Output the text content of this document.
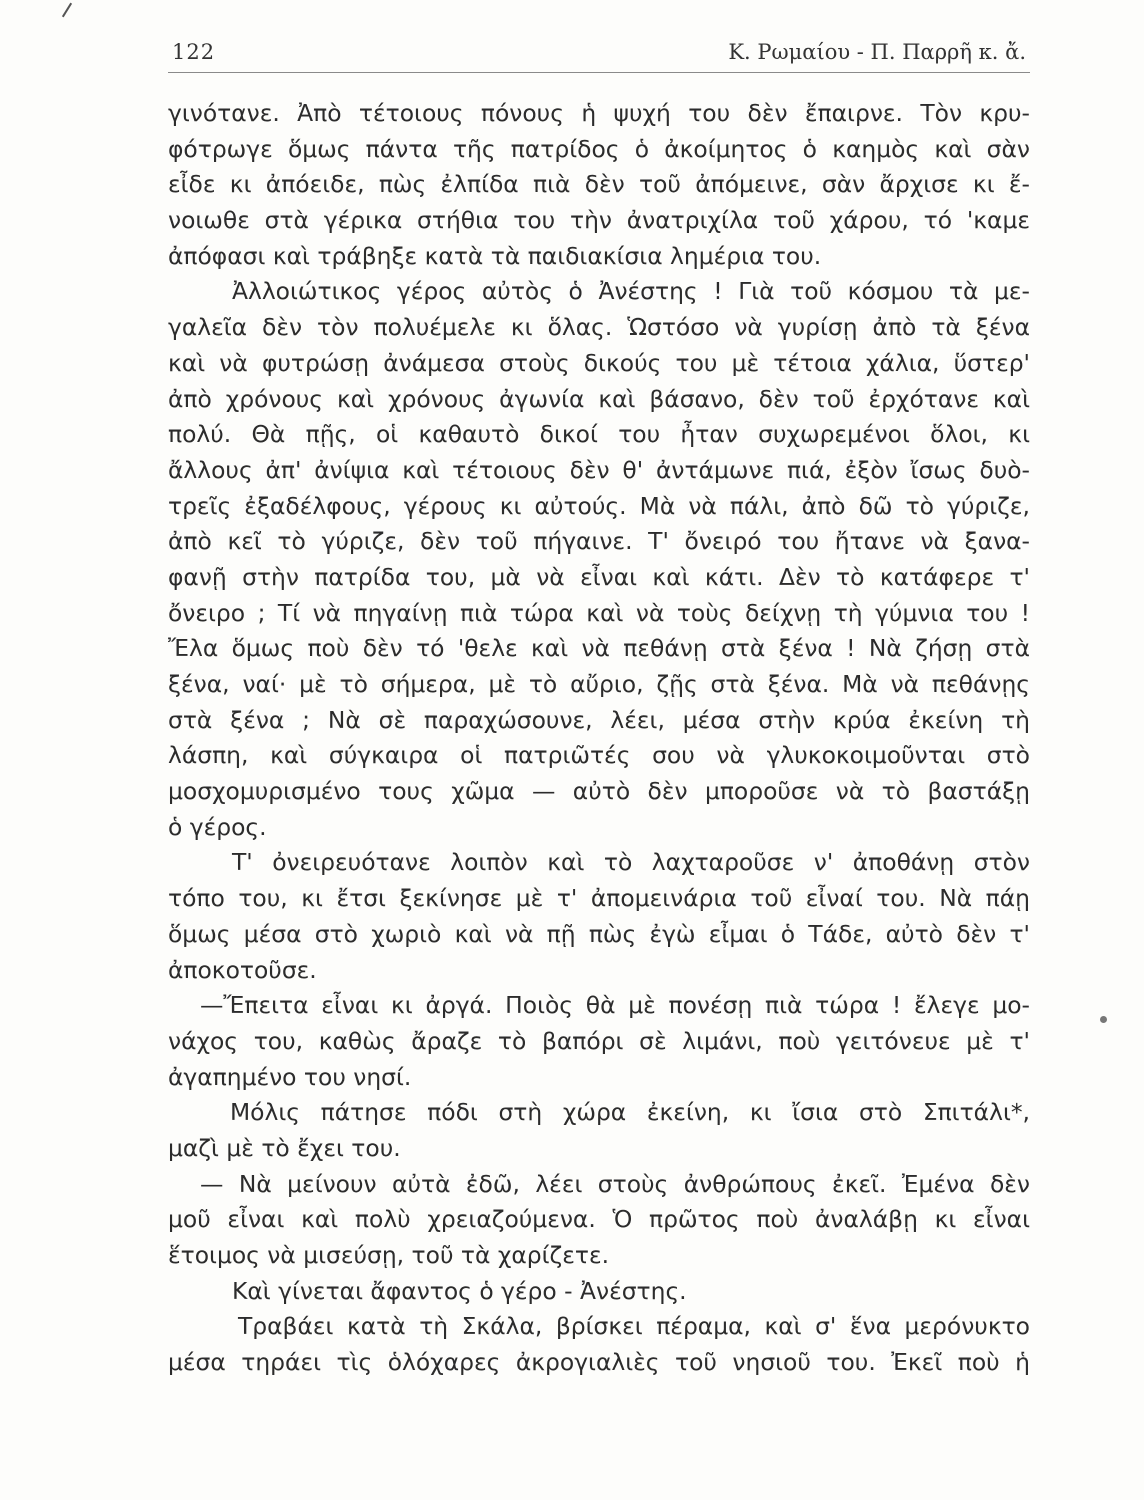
122	Κ. Ρωμαίου - Π. Παρρῆ κ. ἄ.
γινότανε. Ἀπὸ τέτοιους πόνους ἡ ψυχή του δὲν ἔπαιρνε. Τὸν κρυ-
φότρωγε ὅμως πάντα τῆς πατρίδος ὁ ἀκοίμητος ὁ καημὸς καὶ σὰν
εἶδε κι ἀπόειδε, πὼς ἐλπίδα πιὰ δὲν τοῦ ἀπόμεινε, σὰν ἄρχισε κι ἔ-
νοιωθε στὰ γέρικα στήθια του τὴν ἀνατριχίλα τοῦ χάρου, τό 'καμε
ἀπόφασι καὶ τράβηξε κατὰ τὰ παιδιακίσια λημέρια του.
Ἀλλοιώτικος γέρος αὐτὸς ὁ Ἀνέστης ! Γιὰ τοῦ κόσμου τὰ με-
γαλεῖα δὲν τὸν πολυέμελε κι ὅλας. Ὡστόσο νὰ γυρίσῃ ἀπὸ τὰ ξένα
καὶ νὰ φυτρώσῃ ἀνάμεσα στοὺς δικούς του μὲ τέτοια χάλια, ὕστερ'
ἀπὸ χρόνους καὶ χρόνους ἀγωνία καὶ βάσανο, δὲν τοῦ ἐρχότανε καὶ
πολύ. Θὰ πῇς, οἱ καθαυτὸ δικοί του ἦταν συχωρεμένοι ὅλοι, κι
ἄλλους ἀπ' ἀνίψια καὶ τέτοιους δὲν θ' ἀντάμωνε πιά, ἐξὸν ἴσως δυὸ-
τρεῖς ἐξαδέλφους, γέρους κι αὐτούς. Μὰ νὰ πάλι, ἀπὸ δῶ τὸ γύριζε,
ἀπὸ κεῖ τὸ γύριζε, δὲν τοῦ πήγαινε. Τ' ὄνειρό του ἤτανε νὰ ξανα-
φανῇ στὴν πατρίδα του, μὰ νὰ εἶναι καὶ κάτι. Δὲν τὸ κατάφερε τ'
ὄνειρο ; Τί νὰ πηγαίνῃ πιὰ τώρα καὶ νὰ τοὺς δείχνῃ τὴ γύμνια του !
Ἔλα ὅμως ποὺ δὲν τό 'θελε καὶ νὰ πεθάνῃ στὰ ξένα ! Νὰ ζήσῃ στὰ
ξένα, ναί· μὲ τὸ σήμερα, μὲ τὸ αὔριο, ζῇς στὰ ξένα. Μὰ νὰ πεθάνῃς
στὰ ξένα ; Νὰ σὲ παραχώσουνε, λέει, μέσα στὴν κρύα ἐκείνη τὴ
λάσπη, καὶ σύγκαιρα οἱ πατριῶτές σου νὰ γλυκοκοιμοῦνται στὸ
μοσχομυρισμένο τους χῶμα — αὐτὸ δὲν μποροῦσε νὰ τὸ βαστάξῃ
ὁ γέρος.
Τ' ὀνειρευότανε λοιπὸν καὶ τὸ λαχταροῦσε ν' ἀποθάνῃ στὸν
τόπο του, κι ἔτσι ξεκίνησε μὲ τ' ἀπομεινάρια τοῦ εἶναί του. Νὰ πάῃ
ὅμως μέσα στὸ χωριὸ καὶ νὰ πῇ πὼς ἐγὼ εἶμαι ὁ Τάδε, αὐτὸ δὲν τ'
ἀποκοτοῦσε.
—Ἔπειτα εἶναι κι ἀργά. Ποιὸς θὰ μὲ πονέσῃ πιὰ τώρα ! ἔλεγε μο-
νάχος του, καθὼς ἄραζε τὸ βαπόρι σὲ λιμάνι, ποὺ γειτόνευε μὲ τ'
ἀγαπημένο του νησί.
Μόλις πάτησε πόδι στὴ χώρα ἐκείνη, κι ἴσια στὸ Σπιτάλι*,
μαζὶ μὲ τὸ ἔχει του.
— Νὰ μείνουν αὐτὰ ἐδῶ, λέει στοὺς ἀνθρώπους ἐκεῖ. Ἐμένα δὲν
μοῦ εἶναι καὶ πολὺ χρειαζούμενα. Ὁ πρῶτος ποὺ ἀναλάβῃ κι εἶναι
ἕτοιμος νὰ μισεύσῃ, τοῦ τὰ χαρίζετε.
Καὶ γίνεται ἄφαντος ὁ γέρο - Ἀνέστης.
Τραβάει κατὰ τὴ Σκάλα, βρίσκει πέραμα, καὶ σ' ἕνα μερόνυκτο
μέσα τηράει τὶς ὁλόχαρες ἀκρογιαλιὲς τοῦ νησιοῦ του. Ἐκεῖ ποὺ ἡ
